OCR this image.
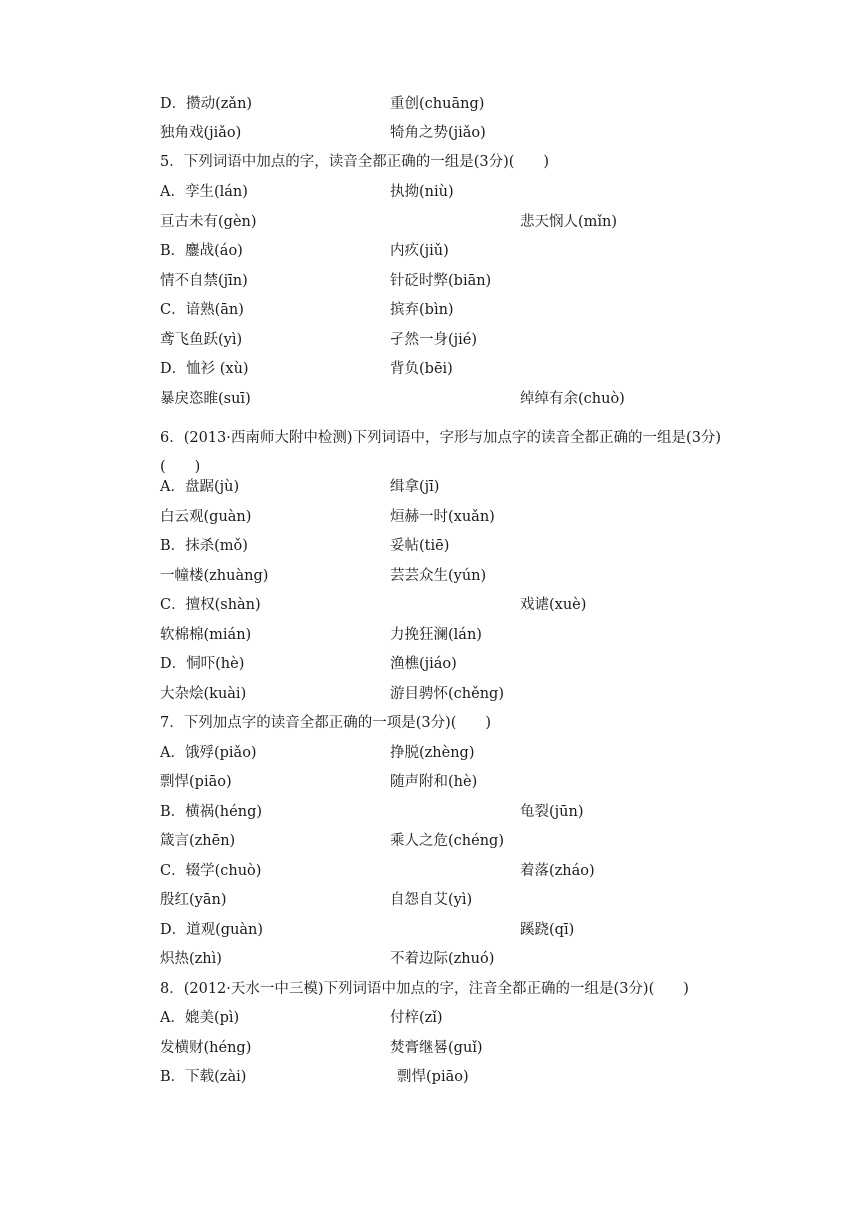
D．攒动(zǎn)	重创(chuāng)
独角戏(jiǎo)	犄角之势(jiǎo)
5．下列词语中加点的字，读音全都正确的一组是(3分)(　　)
A．孪生(lán)	执拗(niù)
亘古未有(gèn)	悲天悯人(mǐn)
B．鏖战(áo)	内疚(jiǔ)
情不自禁(jīn)	针砭时弊(biān)
C．谙熟(ān)	摈弃(bìn)
鸢飞鱼跃(yì)	孑然一身(jié)
D．恤衫 (xù)	背负(bēi)
暴戾恣睢(suī)	绰绰有余(chuò)
A．盘踞(jù)	缉拿(jī)
白云观(guàn)	烜赫一时(xuǎn)
B．抹杀(mǒ)	妥帖(tiē)
一幢楼(zhuàng)	芸芸众生(yún)
C．擅权(shàn)	戏谑(xuè)
软棉棉(mián)	力挽狂澜(lán)
D．恫吓(hè)	渔樵(jiáo)
大杂烩(kuài)	游目骋怀(chěng)
7．下列加点字的读音全都正确的一项是(3分)(　　)
A．饿殍(piǎo)	挣脱(zhèng)
剽悍(piāo)	随声附和(hè)
B．横祸(héng)	龟裂(jūn)
箴言(zhēn)	乘人之危(chéng)
C．辍学(chuò)	着落(zháo)
殷红(yān)	自怨自艾(yì)
D．道观(guàn)	蹊跷(qī)
炽热(zhì)	不着边际(zhuó)
8．(2012·天水一中三模)下列词语中加点的字，注音全都正确的一组是(3分)(　　)
A．媲美(pì)	付梓(zǐ)
发横财(héng)	焚膏继晷(guǐ)
B．下载(zài)	剽悍(piāo)
6．(2013·西南师大附中检测)下列词语中，字形与加点字的读音全都正确的一组是(3分)(　　)
